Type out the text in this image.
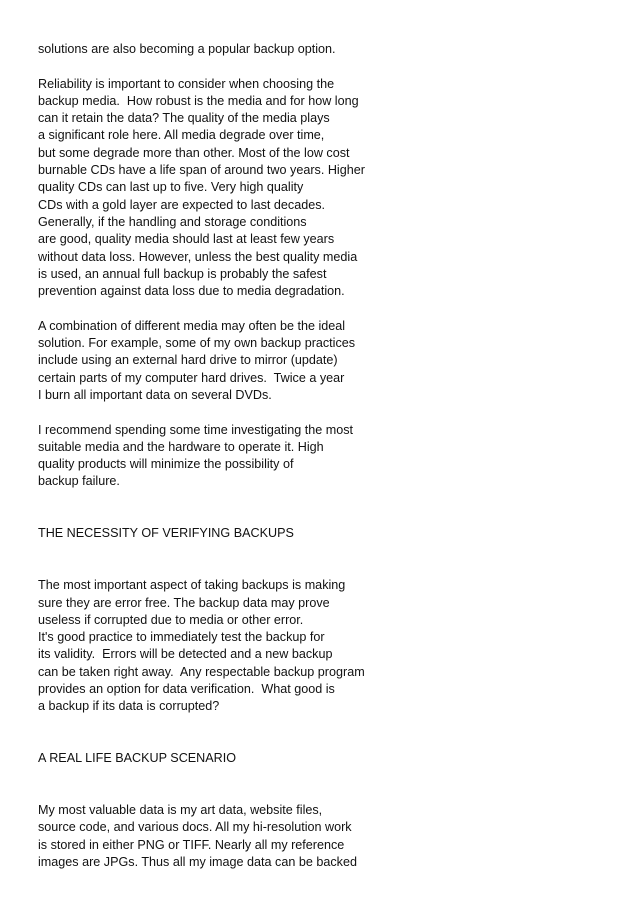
solutions are also becoming a popular backup option.
Reliability is important to consider when choosing the
backup media.  How robust is the media and for how long
can it retain the data? The quality of the media plays
a significant role here. All media degrade over time,
but some degrade more than other. Most of the low cost
burnable CDs have a life span of around two years. Higher
quality CDs can last up to five. Very high quality
CDs with a gold layer are expected to last decades.
Generally, if the handling and storage conditions
are good, quality media should last at least few years
without data loss. However, unless the best quality media
is used, an annual full backup is probably the safest
prevention against data loss due to media degradation.
A combination of different media may often be the ideal
solution. For example, some of my own backup practices
include using an external hard drive to mirror (update)
certain parts of my computer hard drives.  Twice a year
I burn all important data on several DVDs.
I recommend spending some time investigating the most
suitable media and the hardware to operate it. High
quality products will minimize the possibility of
backup failure.
THE NECESSITY OF VERIFYING BACKUPS
The most important aspect of taking backups is making
sure they are error free. The backup data may prove
useless if corrupted due to media or other error.
It's good practice to immediately test the backup for
its validity.  Errors will be detected and a new backup
can be taken right away.  Any respectable backup program
provides an option for data verification.  What good is
a backup if its data is corrupted?
A REAL LIFE BACKUP SCENARIO
My most valuable data is my art data, website files,
source code, and various docs. All my hi-resolution work
is stored in either PNG or TIFF. Nearly all my reference
images are JPGs. Thus all my image data can be backed
